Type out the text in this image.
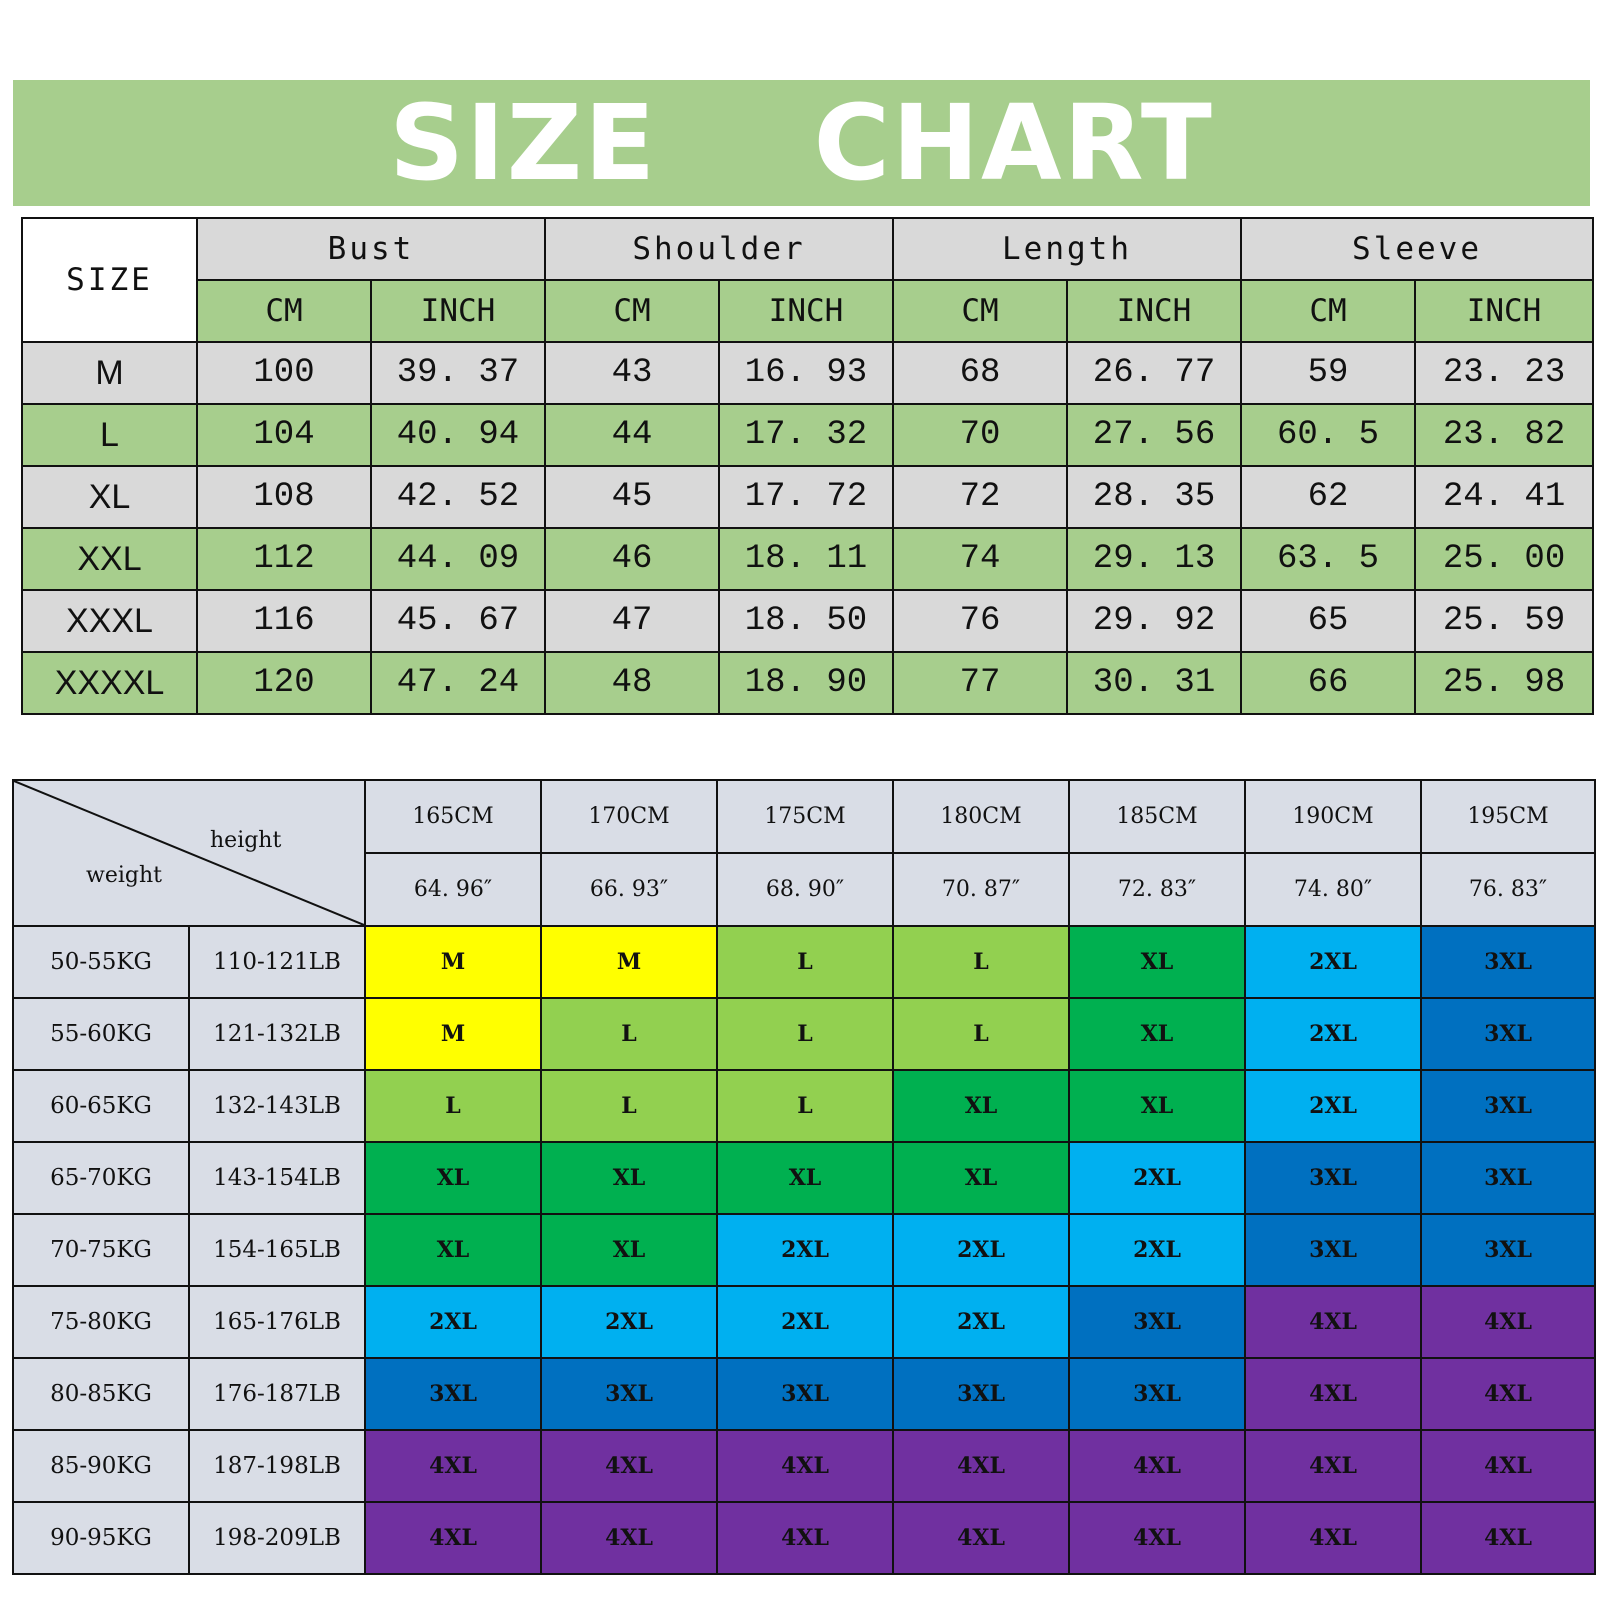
SIZE  CHART
SIZE	Bust		Shoulder		Length		Sleeve	
	CM	INCH	CM	INCH	CM	INCH	CM	INCH
M	100	39. 37	43	16. 93	68	26. 77	59	23. 23
L	104	40. 94	44	17. 32	70	27. 56	60. 5	23. 82
XL	108	42. 52	45	17. 72	72	28. 35	62	24. 41
XXL	112	44. 09	46	18. 11	74	29. 13	63. 5	25. 00
XXXL	116	45. 67	47	18. 50	76	29. 92	65	25. 59
XXXXL	120	47. 24	48	18. 90	77	30. 31	66	25. 98
height
weight		165CM	170CM	175CM	180CM	185CM	190CM	195CM
		64. 96″	66. 93″	68. 90″	70. 87″	72. 83″	74. 80″	76. 83″
50-55KG	110-121LB	M	M	L	L	XL	2XL	3XL
55-60KG	121-132LB	M	L	L	L	XL	2XL	3XL
60-65KG	132-143LB	L	L	L	XL	XL	2XL	3XL
65-70KG	143-154LB	XL	XL	XL	XL	2XL	3XL	3XL
70-75KG	154-165LB	XL	XL	2XL	2XL	2XL	3XL	3XL
75-80KG	165-176LB	2XL	2XL	2XL	2XL	3XL	4XL	4XL
80-85KG	176-187LB	3XL	3XL	3XL	3XL	3XL	4XL	4XL
85-90KG	187-198LB	4XL	4XL	4XL	4XL	4XL	4XL	4XL
90-95KG	198-209LB	4XL	4XL	4XL	4XL	4XL	4XL	4XL
